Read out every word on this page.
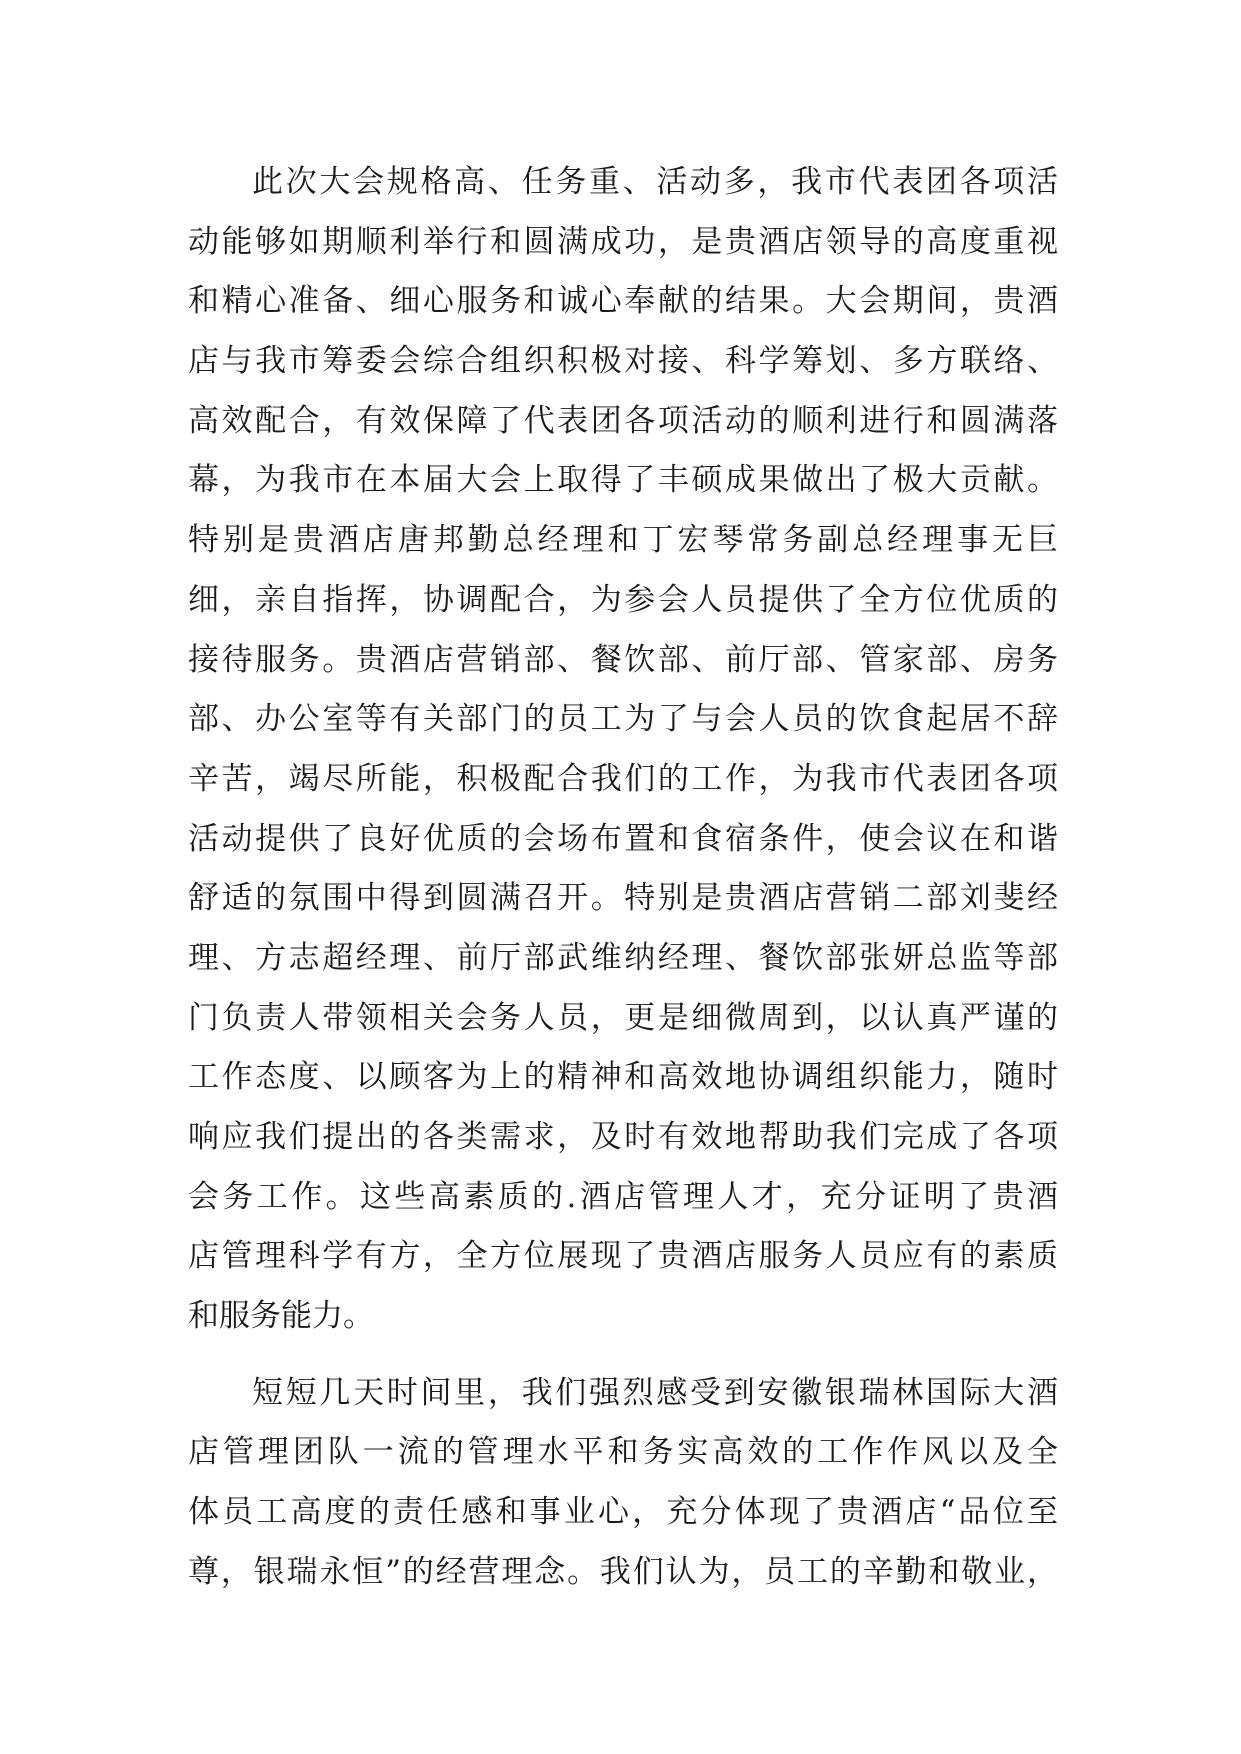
此次大会规格高、任务重、活动多，我市代表团各项活
动能够如期顺利举行和圆满成功，是贵酒店领导的高度重视
和精心准备、细心服务和诚心奉献的结果。大会期间，贵酒
店与我市筹委会综合组织积极对接、科学筹划、多方联络、
高效配合，有效保障了代表团各项活动的顺利进行和圆满落
幕，为我市在本届大会上取得了丰硕成果做出了极大贡献。
特别是贵酒店唐邦勤总经理和丁宏琴常务副总经理事无巨
细，亲自指挥，协调配合，为参会人员提供了全方位优质的
接待服务。贵酒店营销部、餐饮部、前厅部、管家部、房务
部、办公室等有关部门的员工为了与会人员的饮食起居不辞
辛苦，竭尽所能，积极配合我们的工作，为我市代表团各项
活动提供了良好优质的会场布置和食宿条件，使会议在和谐
舒适的氛围中得到圆满召开。特别是贵酒店营销二部刘斐经
理、方志超经理、前厅部武维纳经理、餐饮部张妍总监等部
门负责人带领相关会务人员，更是细微周到，以认真严谨的
工作态度、以顾客为上的精神和高效地协调组织能力，随时
响应我们提出的各类需求，及时有效地帮助我们完成了各项
会务工作。这些高素质的.酒店管理人才，充分证明了贵酒
店管理科学有方，全方位展现了贵酒店服务人员应有的素质
和服务能力。
短短几天时间里，我们强烈感受到安徽银瑞林国际大酒
店管理团队一流的管理水平和务实高效的工作作风以及全
体员工高度的责任感和事业心，充分体现了贵酒店“品位至
尊，银瑞永恒”的经营理念。我们认为，员工的辛勤和敬业，
